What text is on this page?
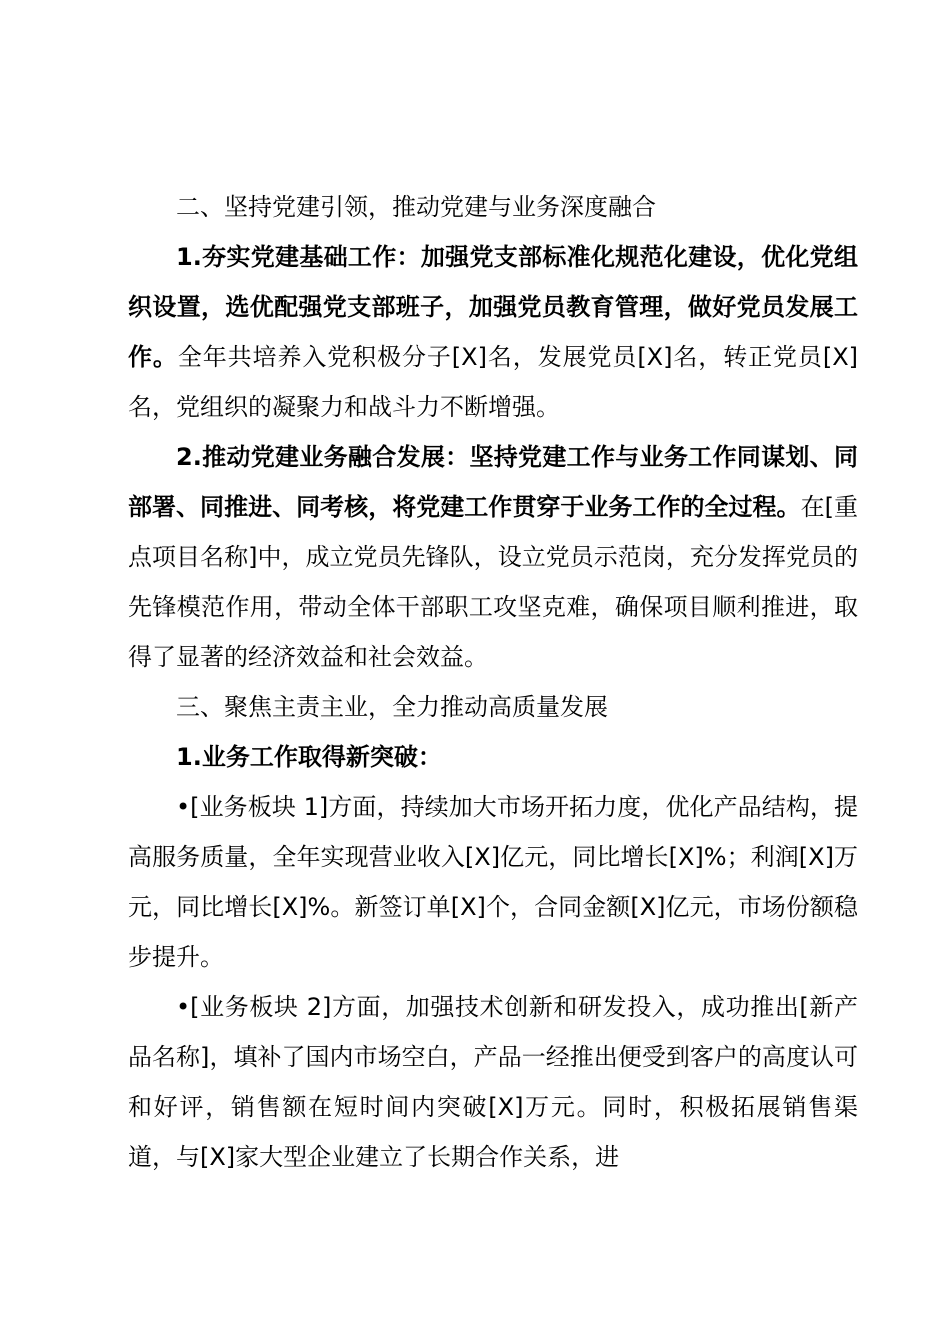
二、坚持党建引领，推动党建与业务深度融合

1.夯实党建基础工作：加强党支部标准化规范化建设，优化党组织设置，选优配强党支部班子，加强党员教育管理，做好党员发展工作。全年共培养入党积极分子[X]名，发展党员[X]名，转正党员[X]名，党组织的凝聚力和战斗力不断增强。

2.推动党建业务融合发展：坚持党建工作与业务工作同谋划、同部署、同推进、同考核，将党建工作贯穿于业务工作的全过程。在[重点项目名称]中，成立党员先锋队，设立党员示范岗，充分发挥党员的先锋模范作用，带动全体干部职工攻坚克难，确保项目顺利推进，取得了显著的经济效益和社会效益。

三、聚焦主责主业，全力推动高质量发展

1.业务工作取得新突破：

•[业务板块 1]方面，持续加大市场开拓力度，优化产品结构，提高服务质量，全年实现营业收入[X]亿元，同比增长[X]%；利润[X]万元，同比增长[X]%。新签订单[X]个，合同金额[X]亿元，市场份额稳步提升。

•[业务板块 2]方面，加强技术创新和研发投入，成功推出[新产品名称]，填补了国内市场空白，产品一经推出便受到客户的高度认可和好评，销售额在短时间内突破[X]万元。同时，积极拓展销售渠道，与[X]家大型企业建立了长期合作关系，进
